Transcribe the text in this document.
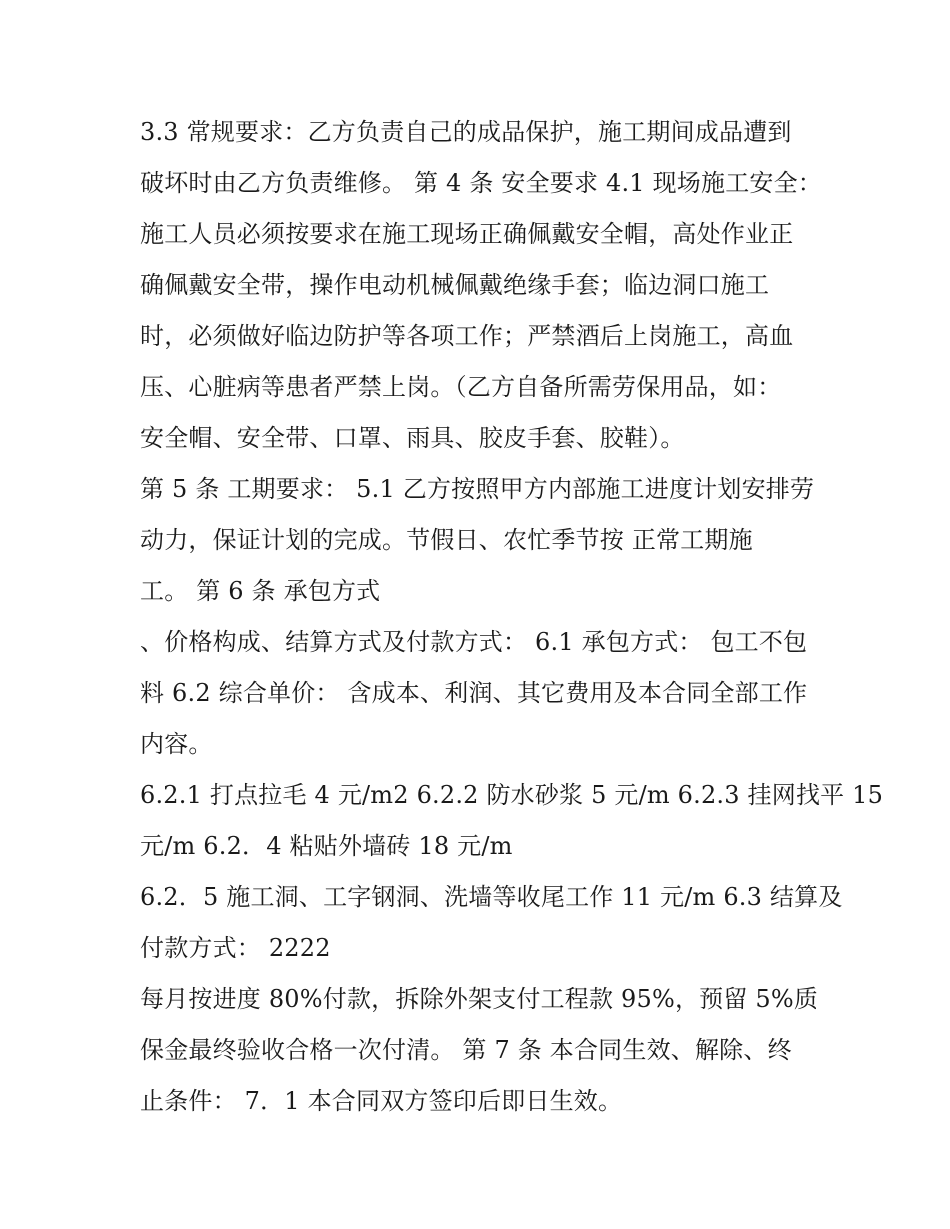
3.3 常规要求：乙方负责自己的成品保护，施工期间成品遭到
破坏时由乙方负责维修。 第 4 条 安全要求 4.1 现场施工安全：
施工人员必须按要求在施工现场正确佩戴安全帽，高处作业正
确佩戴安全带，操作电动机械佩戴绝缘手套；临边洞口施工
时，必须做好临边防护等各项工作；严禁酒后上岗施工，高血
压、心脏病等患者严禁上岗。（乙方自备所需劳保用品，如：
安全帽、安全带、口罩、雨具、胶皮手套、胶鞋）。
第 5 条 工期要求： 5.1 乙方按照甲方内部施工进度计划安排劳
动力，保证计划的完成。节假日、农忙季节按 正常工期施
工。 第 6 条 承包方式
、价格构成、结算方式及付款方式： 6.1 承包方式： 包工不包
料 6.2 综合单价： 含成本、利润、其它费用及本合同全部工作
内容。
6.2.1 打点拉毛 4 元/m2 6.2.2 防水砂浆 5 元/m 6.2.3 挂网找平 15
元/m 6.2．4 粘贴外墙砖 18 元/m
6.2．5 施工洞、工字钢洞、洗墙等收尾工作 11 元/m 6.3 结算及
付款方式： 2222
每月按进度 80%付款，拆除外架支付工程款 95%，预留 5%质
保金最终验收合格一次付清。 第 7 条 本合同生效、解除、终
止条件： 7．1 本合同双方签印后即日生效。
